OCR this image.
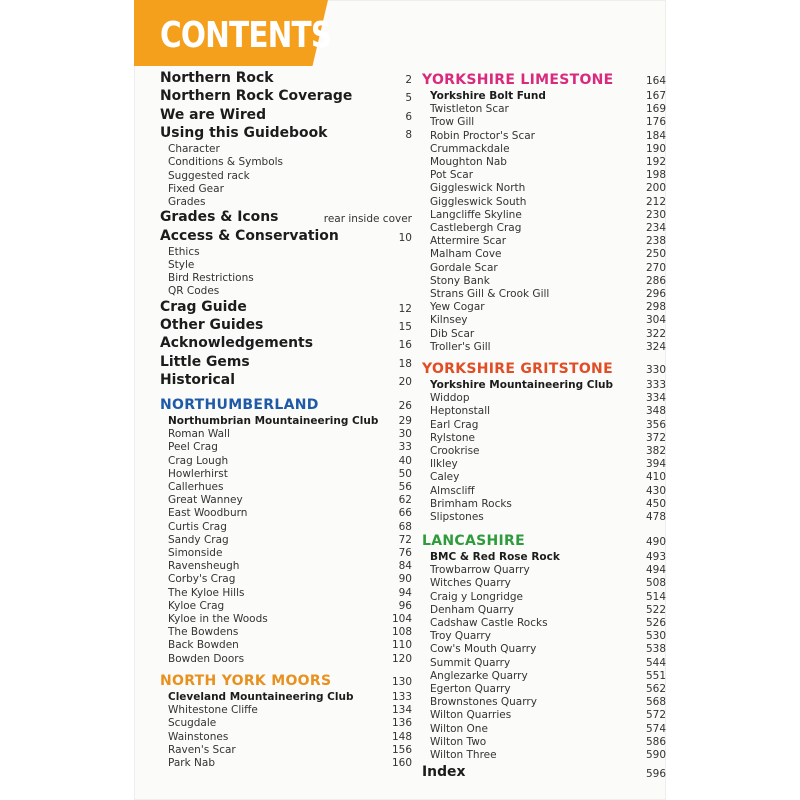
CONTENTS
Northern Rock	2
Northern Rock Coverage	5
We are Wired	6
Using this Guidebook	8
Character
Conditions & Symbols
Suggested rack
Fixed Gear
Grades
Grades & Icons	rear inside cover
Access & Conservation	10
Ethics
Style
Bird Restrictions
QR Codes
Crag Guide	12
Other Guides	15
Acknowledgements	16
Little Gems	18
Historical	20
NORTHUMBERLAND	26
Northumbrian Mountaineering Club 29
Roman Wall	30
Peel Crag	33
Crag Lough	40
Howlerhirst	50
Callerhues	56
Great Wanney	62
East Woodburn	66
Curtis Crag	68
Sandy Crag	72
Simonside	76
Ravensheugh	84
Corby's Crag	90
The Kyloe Hills	94
Kyloe Crag	96
Kyloe in the Woods	104
The Bowdens	108
Back Bowden	110
Bowden Doors	120
NORTH YORK MOORS	130
Cleveland Mountaineering Club	133
Whitestone Cliffe	134
Scugdale	136
Wainstones	148
Raven's Scar	156
Park Nab	160
YORKSHIRE LIMESTONE	164
Yorkshire Bolt Fund	167
Twistleton Scar	169
Trow Gill	176
Robin Proctor's Scar	184
Crummackdale	190
Moughton Nab	192
Pot Scar	198
Giggleswick North	200
Giggleswick South	212
Langcliffe Skyline	230
Castlebergh Crag	234
Attermire Scar	238
Malham Cove	250
Gordale Scar	270
Stony Bank	286
Strans Gill & Crook Gill	296
Yew Cogar	298
Kilnsey	304
Dib Scar	322
Troller's Gill	324
YORKSHIRE GRITSTONE	330
Yorkshire Mountaineering Club	333
Widdop	334
Heptonstall	348
Earl Crag	356
Rylstone	372
Crookrise	382
Ilkley	394
Caley	410
Almscliff	430
Brimham Rocks	450
Slipstones	478
LANCASHIRE	490
BMC & Red Rose Rock	493
Trowbarrow Quarry	494
Witches Quarry	508
Craig y Longridge	514
Denham Quarry	522
Cadshaw Castle Rocks	526
Troy Quarry	530
Cow's Mouth Quarry	538
Summit Quarry	544
Anglezarke Quarry	551
Egerton Quarry	562
Brownstones Quarry	568
Wilton Quarries	572
Wilton One	574
Wilton Two	586
Wilton Three	590
Index	596
